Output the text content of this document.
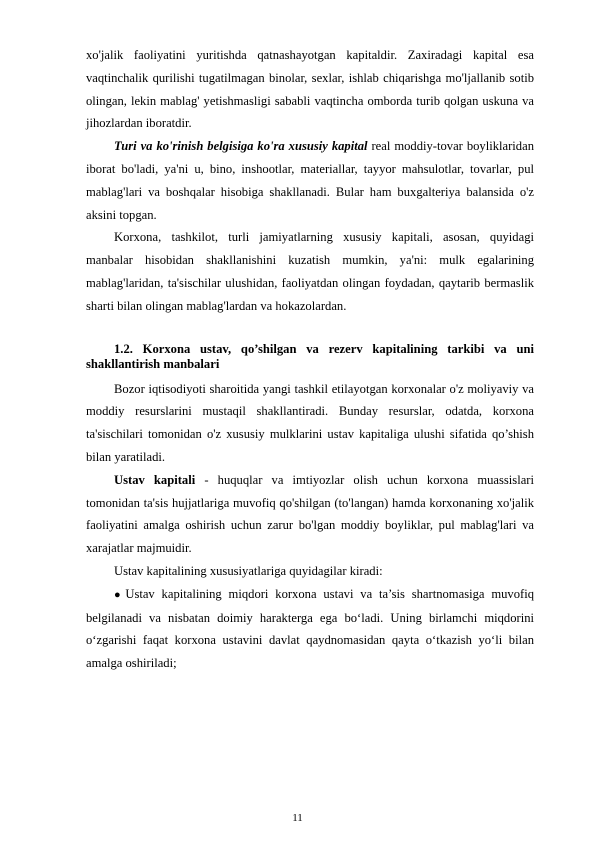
xo'jalik faoliyatini yuritishda qatnashayotgan kapitaldir. Zaxiradagi kapital esa vaqtinchalik qurilishi tugatilmagan binolar, sexlar, ishlab chiqarishga mo'ljallanib sotib olingan, lekin mablag' yetishmasligi sababli vaqtincha omborda turib qolgan uskuna va jihozlardan iboratdir.

Turi va ko'rinish belgisiga ko'ra xususiy kapital real moddiy-tovar boyliklaridan iborat bo'ladi, ya'ni u, bino, inshootlar, materiallar, tayyor mahsulotlar, tovarlar, pul mablag'lari va boshqalar hisobiga shakllanadi. Bular ham buxgalteriya balansida o'z aksini topgan.

Korxona, tashkilot, turli jamiyatlarning xususiy kapitali, asosan, quyidagi manbalar hisobidan shakllanishini kuzatish mumkin, ya'ni: mulk egalarining mablag'laridan, ta'sischilar ulushidan, faoliyatdan olingan foydadan, qaytarib bermaslik sharti bilan olingan mablag'lardan va hokazolardan.

1.2. Korxona ustav, qo’shilgan va rezerv kapitalining tarkibi va uni shakllantirish manbalari

Bozor iqtisodiyoti sharoitida yangi tashkil etilayotgan korxonalar o'z moliyaviy va moddiy resurslarini mustaqil shakllantiradi. Bunday resurslar, odatda, korxona ta'sischilari tomonidan o'z xususiy mulklarini ustav kapitaliga ulushi sifatida qo’shish bilan yaratiladi.

Ustav kapitali - huquqlar va imtiyozlar olish uchun korxona muassislari tomonidan ta'sis hujjatlariga muvofiq qo'shilgan (to'langan) hamda korxonaning xo'jalik faoliyatini amalga oshirish uchun zarur bo'lgan moddiy boyliklar, pul mablag'lari va xarajatlar majmuidir.

Ustav kapitalining xususiyatlariga quyidagilar kiradi:

●Ustav kapitalining miqdori korxona ustavi va ta’sis shartnomasiga muvofiq belgilanadi va nisbatan doimiy harakterga ega bo‘ladi. Uning birlamchi miqdorini o‘zgarishi faqat korxona ustavini davlat qaydnomasidan qayta o‘tkazish yo‘li bilan amalga oshiriladi;

11
